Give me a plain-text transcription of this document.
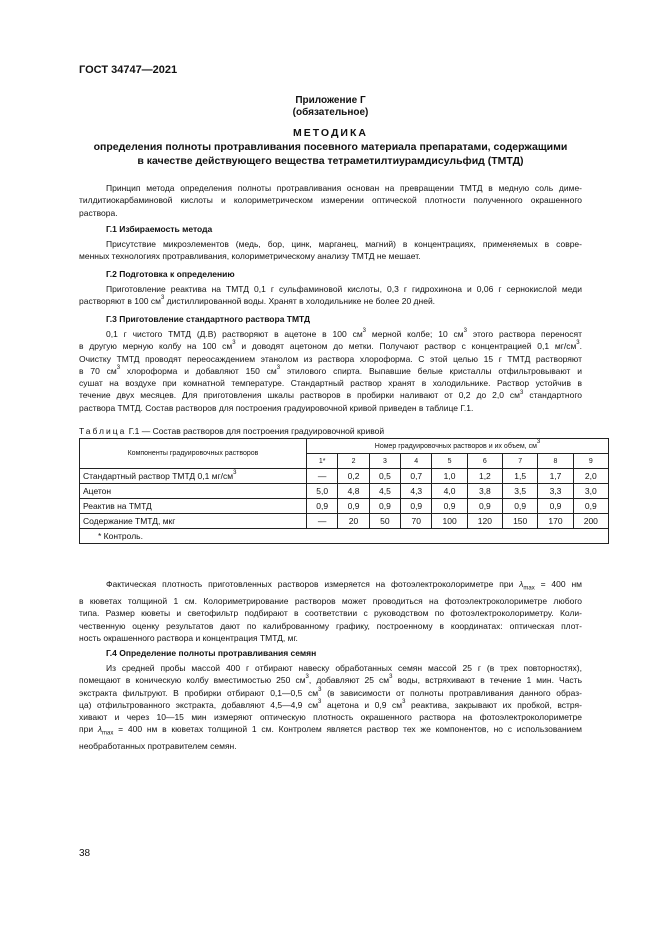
ГОСТ 34747—2021
Приложение Г
(обязательное)
МЕТОДИКА
определения полноты протравливания посевного материала препаратами, содержащими
в качестве действующего вещества тетраметилтиурамдисульфид (ТМТД)
Принцип метода определения полноты протравливания основан на превращении ТМТД в медную соль диме-
тилдитиокарбаминовой кислоты и колориметрическом измерении оптической плотности полученного окрашенного
раствора.
Г.1 Избираемость метода
Присутствие микроэлементов (медь, бор, цинк, марганец, магний) в концентрациях, применяемых в совре-
менных технологиях протравливания, колориметрическому анализу ТМТД не мешает.
Г.2 Подготовка к определению
Приготовление реактива на ТМТД 0,1 г сульфаминовой кислоты, 0,3 г гидрохинона и 0,06 г сернокислой меди
растворяют в 100 $см^3$ дистиллированной воды. Хранят в холодильнике не более 20 дней.
Г.3 Приготовление стандартного раствора ТМТД
0,1 г чистого ТМТД (Д.В) растворяют в ацетоне в 100 $см^3$ мерной колбе; 10 $см^3$ этого раствора переносят
в другую мерную колбу на 100 $см^3$ и доводят ацетоном до метки. Получают раствор с концентрацией 0,1 $мг/см^3$.
Очистку ТМТД проводят переосаждением этанолом из раствора хлороформа. С этой целью 15 г ТМТД растворяют
в 70 $см^3$ хлороформа и добавляют 150 $см^3$ этилового спирта. Выпавшие белые кристаллы отфильтровывают и
сушат на воздухе при комнатной температуре. Стандартный раствор хранят в холодильнике. Раствор устойчив в
течение двух месяцев. Для приготовления шкалы растворов в пробирки наливают от 0,2 до 2,0 $см^3$ стандартного
раствора ТМТД. Состав растворов для построения градуировочной кривой приведен в таблице Г.1.
Таблица Г.1 — Состав растворов для построения градуировочной кривой
Компоненты градуировочных растворов	Номер градуировочных растворов и их объем, $см^3$
	1*	2	3	4	5	6	7	8	9
Стандартный раствор ТМТД 0,1 $мг/см^3$	—	0,2	0,5	0,7	1,0	1,2	1,5	1,7	2,0
Ацетон	5,0	4,8	4,5	4,3	4,0	3,8	3,5	3,3	3,0
Реактив на ТМТД	0,9	0,9	0,9	0,9	0,9	0,9	0,9	0,9	0,9
Содержание ТМТД, мкг	—	20	50	70	100	120	150	170	200
* Контроль.									
Фактическая плотность приготовленных растворов измеряется на фотоэлектроколориметре при $\lambda_{max} = 400$ нм
в кюветах толщиной 1 см. Колориметрирование растворов может проводиться на фотоэлектроколориметре любого
типа. Размер кюветы и светофильтр подбирают в соответствии с руководством по фотоэлектроколориметру. Коли-
чественную оценку результатов дают по калиброванному графику, построенному в координатах: оптическая плот-
ность окрашенного раствора и концентрация ТМТД, мг.
Г.4 Определение полноты протравливания семян
Из средней пробы массой 400 г отбирают навеску обработанных семян массой 25 г (в трех повторностях),
помещают в коническую колбу вместимостью 250 $см^3$, добавляют 25 $см^3$ воды, встряхивают в течение 1 мин. Часть
экстракта фильтруют. В пробирки отбирают 0,1—0,5 $см^3$ (в зависимости от полноты протравливания данного образ-
ца) отфильтрованного экстракта, добавляют 4,5—4,9 $см^3$ ацетона и 0,9 $см^3$ реактива, закрывают их пробкой, встря-
хивают и через 10—15 мин измеряют оптическую плотность окрашенного раствора на фотоэлектроколориметре
при $\lambda_{max} = 400$ нм в кюветах толщиной 1 см. Контролем является раствор тех же компонентов, но с использованием
необработанных протравителем семян.
38
